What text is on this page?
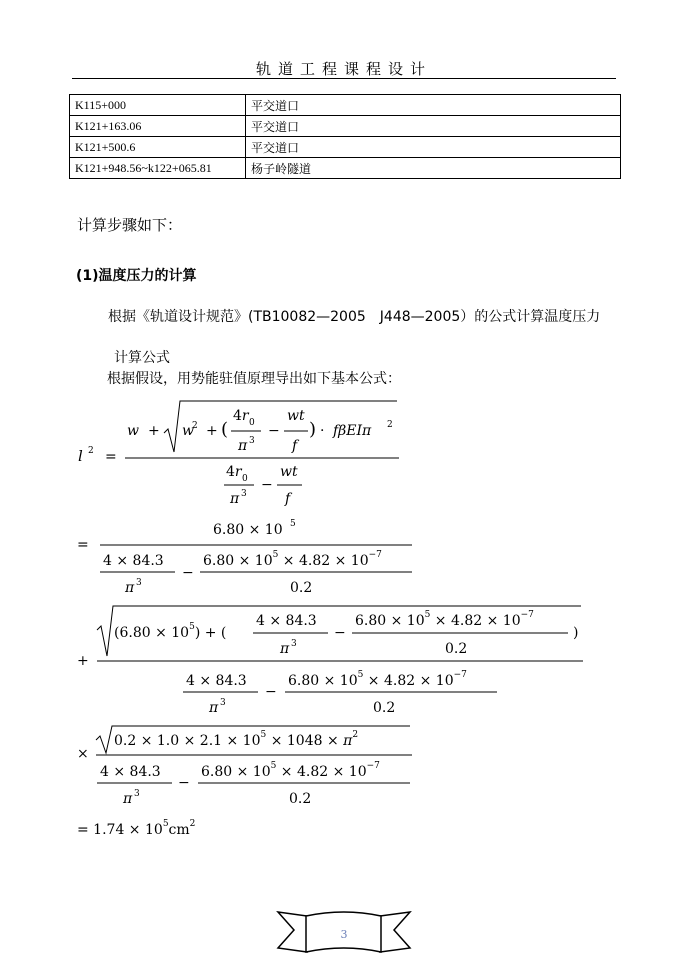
轨道工程课程设计
K115+000	平交道口
K121+163.06	平交道口
K121+500.6	平交道口
K121+948.56~k122+065.81	杨子岭隧道
计算步骤如下：
(1)温度压力的计算
根据《轨道设计规范》(TB10082—2005　J448—2005）的公式计算温度压力
计算公式
根据假设，用势能驻值原理导出如下基本公式：
l 2 =
w + w
2 + (
4r 0
π 3
−
wt
f
) · fβEIπ 2
4r 0
π 3
−
wt
f
=
6.80 × 10 5
4 × 84.3
π 3
−
$6.80 \times 10^5 \times 4.82 \times 10^{-7}$
0.2
+
$(6.80 \times 10^5)$ + (
4 × 84.3
π 3
−
$6.80 \times 10^5 \times 4.82 \times 10^{-7}$
0.2
)
4 × 84.3
π 3
−
$6.80 \times 10^5 \times 4.82 \times 10^{-7}$
0.2
×
$0.2 \times 1.0 \times 2.1 \times 10^5 \times 1048 \times \pi^2$
4 × 84.3
π 3
−
$6.80 \times 10^5 \times 4.82 \times 10^{-7}$
0.2
= $1.74 \times 10^5cm^2$
3
